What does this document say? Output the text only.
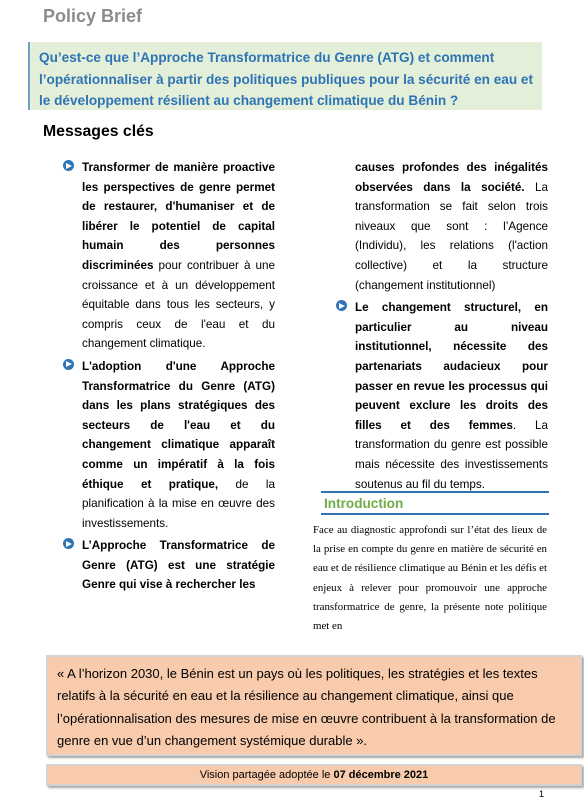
Policy Brief
Qu’est-ce que l’Approche Transformatrice du Genre (ATG) et comment l’opérationnaliser à partir des politiques publiques pour la sécurité en eau et le développement résilient au changement climatique du Bénin ?
Messages clés

Transformer de manière proactive les perspectives de genre permet de restaurer, d'humaniser et de libérer le potentiel de capital humain des personnes discriminées pour contribuer à une croissance et à un développement équitable dans tous les secteurs, y compris ceux de l'eau et du changement climatique.

L'adoption d'une Approche Transformatrice du Genre (ATG) dans les plans stratégiques des secteurs de l'eau et du changement climatique apparaît comme un impératif à la fois éthique et pratique, de la planification à la mise en œuvre des investissements.

L’Approche Transformatrice de Genre (ATG) est une stratégie Genre qui vise à rechercher les

causes profondes des inégalités observées dans la société. La transformation se fait selon trois niveaux que sont : l’Agence (Individu), les relations (l'action collective) et la structure (changement institutionnel)

Le changement structurel, en particulier au niveau institutionnel, nécessite des partenariats audacieux pour passer en revue les processus qui peuvent exclure les droits des filles et des femmes. La transformation du genre est possible mais nécessite des investissements soutenus au fil du temps.

Introduction
Face au diagnostic approfondi sur l’état des lieux de la prise en compte du genre en matière de sécurité en eau et de résilience climatique au Bénin et les défis et enjeux à relever pour promouvoir une approche transformatrice de genre, la présente note politique met en
« A l’horizon 2030, le Bénin est un pays où les politiques, les stratégies et les textes relatifs à la sécurité en eau et la résilience au changement climatique, ainsi que l’opérationnalisation des mesures de mise en œuvre contribuent à la transformation de genre en vue d’un changement systémique durable ».
Vision partagée adoptée le 07 décembre 2021
1
